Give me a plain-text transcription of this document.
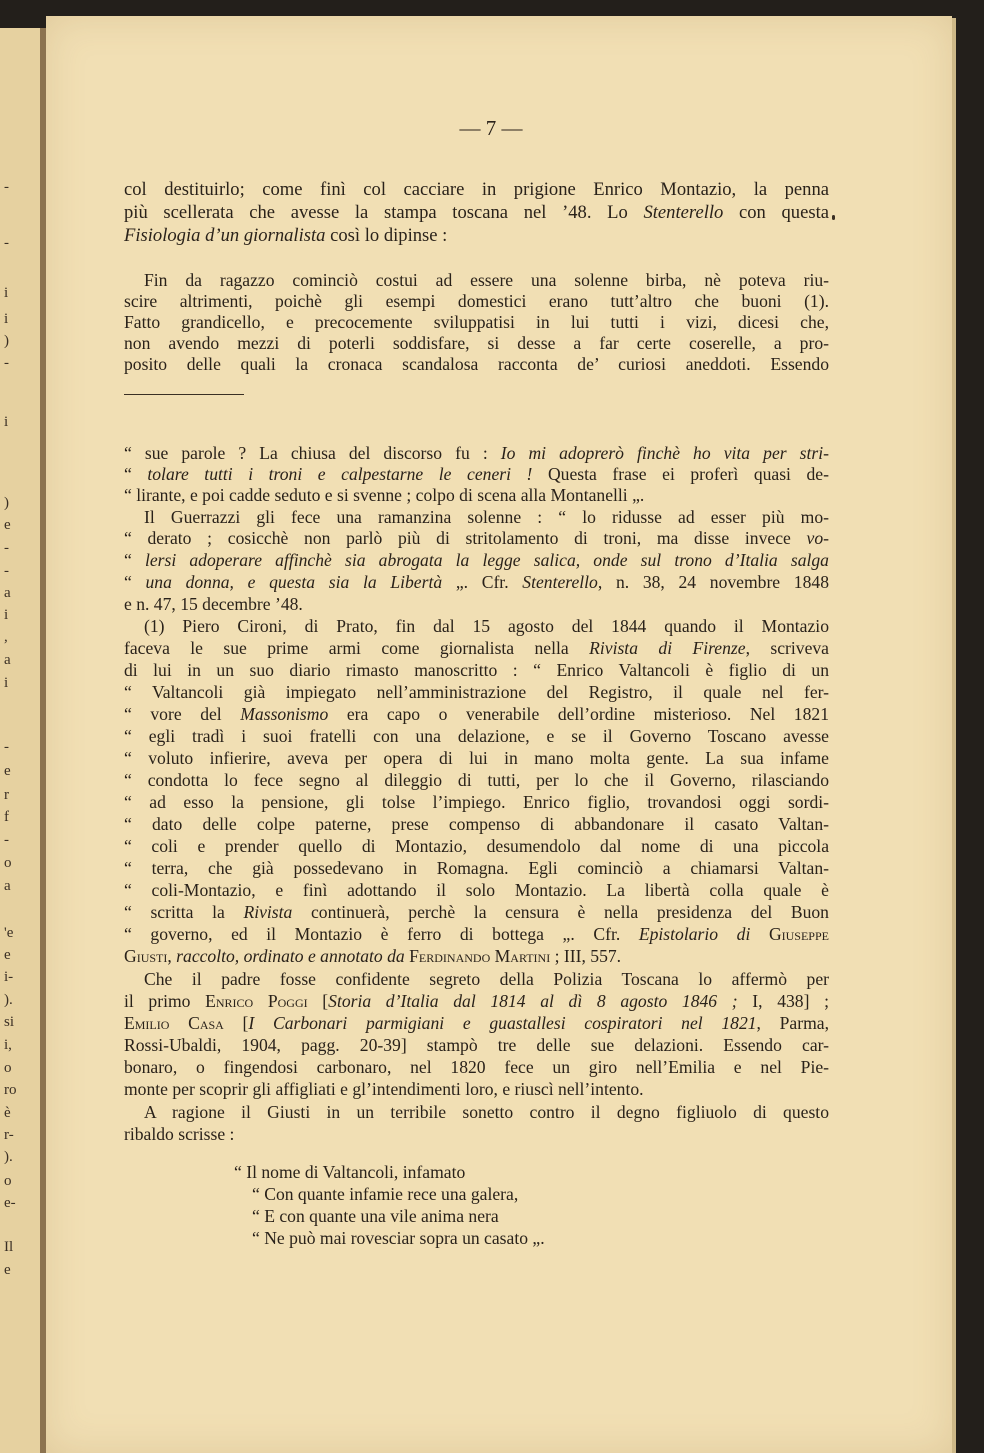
-
-
i
i
)
-
i
)
e
-
-
a
i
,
a
i
-
e
r
f
-
o
a
'e
e
i-
).
si
i,
o
ro
è
r-
).
o
e-
Il
e
— 7 —
col destituirlo; come finì col cacciare in prigione Enrico Montazio, la penna
più scellerata che avesse la stampa toscana nel ’48. Lo Stenterello con questa
Fisiologia d’un giornalista così lo dipinse :
Fin da ragazzo cominciò costui ad essere una solenne birba, nè poteva riu-
scire altrimenti, poichè gli esempi domestici erano tutt’altro che buoni (1).
Fatto grandicello, e precocemente sviluppatisi in lui tutti i vizi, dicesi che,
non avendo mezzi di poterli soddisfare, si desse a far certe coserelle, a pro-
posito delle quali la cronaca scandalosa racconta de’ curiosi aneddoti. Essendo
“ sue parole ? La chiusa del discorso fu : Io mi adoprerò finchè ho vita per stri-
“ tolare tutti i troni e calpestarne le ceneri ! Questa frase ei proferì quasi de-
“ lirante, e poi cadde seduto e si svenne ; colpo di scena alla Montanelli „.
Il Guerrazzi gli fece una ramanzina solenne : “ lo ridusse ad esser più mo-
“ derato ; cosicchè non parlò più di stritolamento di troni, ma disse invece vo-
“ lersi adoperare affinchè sia abrogata la legge salica, onde sul trono d’Italia salga
“ una donna, e questa sia la Libertà „. Cfr. Stenterello, n. 38, 24 novembre 1848
e n. 47, 15 decembre ’48.
(1) Piero Cironi, di Prato, fin dal 15 agosto del 1844 quando il Montazio
faceva le sue prime armi come giornalista nella Rivista di Firenze, scriveva
di lui in un suo diario rimasto manoscritto : “ Enrico Valtancoli è figlio di un
“ Valtancoli già impiegato nell’amministrazione del Registro, il quale nel fer-
“ vore del Massonismo era capo o venerabile dell’ordine misterioso. Nel 1821
“ egli tradì i suoi fratelli con una delazione, e se il Governo Toscano avesse
“ voluto infierire, aveva per opera di lui in mano molta gente. La sua infame
“ condotta lo fece segno al dileggio di tutti, per lo che il Governo, rilasciando
“ ad esso la pensione, gli tolse l’impiego. Enrico figlio, trovandosi oggi sordi-
“ dato delle colpe paterne, prese compenso di abbandonare il casato Valtan-
“ coli e prender quello di Montazio, desumendolo dal nome di una piccola
“ terra, che già possedevano in Romagna. Egli cominciò a chiamarsi Valtan-
“ coli-Montazio, e finì adottando il solo Montazio. La libertà colla quale è
“ scritta la Rivista continuerà, perchè la censura è nella presidenza del Buon
“ governo, ed il Montazio è ferro di bottega „. Cfr. Epistolario di Giuseppe
Giusti, raccolto, ordinato e annotato da Ferdinando Martini ; III, 557.
Che il padre fosse confidente segreto della Polizia Toscana lo affermò per
il primo Enrico Poggi [Storia d’Italia dal 1814 al dì 8 agosto 1846 ; I, 438] ;
Emilio Casa [I Carbonari parmigiani e guastallesi cospiratori nel 1821, Parma,
Rossi-Ubaldi, 1904, pagg. 20-39] stampò tre delle sue delazioni. Essendo car-
bonaro, o fingendosi carbonaro, nel 1820 fece un giro nell’Emilia e nel Pie-
monte per scoprir gli affigliati e gl’intendimenti loro, e riuscì nell’intento.
A ragione il Giusti in un terribile sonetto contro il degno figliuolo di questo
ribaldo scrisse :
“ Il nome di Valtancoli, infamato
“ Con quante infamie rece una galera,
“ E con quante una vile anima nera
“ Ne può mai rovesciar sopra un casato „.
